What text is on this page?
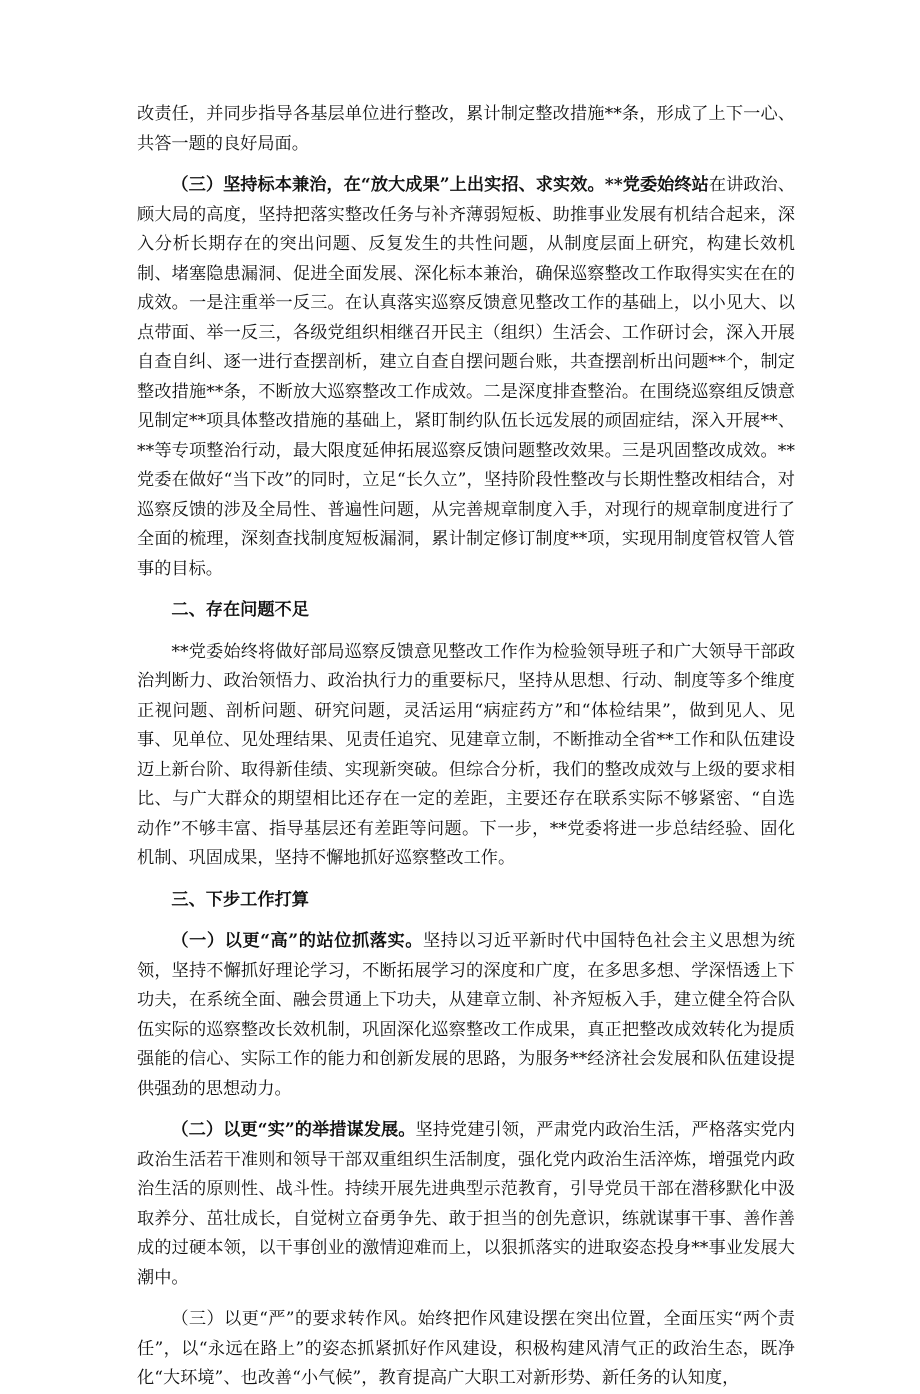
改责任，并同步指导各基层单位进行整改，累计制定整改措施**条，形成了上下一心、共答一题的良好局面。

（三）坚持标本兼治，在“放大成果”上出实招、求实效。**党委始终站在讲政治、顾大局的高度，坚持把落实整改任务与补齐薄弱短板、助推事业发展有机结合起来，深入分析长期存在的突出问题、反复发生的共性问题，从制度层面上研究，构建长效机制、堵塞隐患漏洞、促进全面发展、深化标本兼治，确保巡察整改工作取得实实在在的成效。一是注重举一反三。在认真落实巡察反馈意见整改工作的基础上，以小见大、以点带面、举一反三，各级党组织相继召开民主（组织）生活会、工作研讨会，深入开展自查自纠、逐一进行查摆剖析，建立自查自摆问题台账，共查摆剖析出问题**个，制定整改措施**条，不断放大巡察整改工作成效。二是深度排查整治。在围绕巡察组反馈意见制定**项具体整改措施的基础上，紧盯制约队伍长远发展的顽固症结，深入开展**、**等专项整治行动，最大限度延伸拓展巡察反馈问题整改效果。三是巩固整改成效。**党委在做好“当下改”的同时，立足“长久立”，坚持阶段性整改与长期性整改相结合，对巡察反馈的涉及全局性、普遍性问题，从完善规章制度入手，对现行的规章制度进行了全面的梳理，深刻查找制度短板漏洞，累计制定修订制度**项，实现用制度管权管人管事的目标。

二、存在问题不足

**党委始终将做好部局巡察反馈意见整改工作作为检验领导班子和广大领导干部政治判断力、政治领悟力、政治执行力的重要标尺，坚持从思想、行动、制度等多个维度正视问题、剖析问题、研究问题，灵活运用“病症药方”和“体检结果”，做到见人、见事、见单位、见处理结果、见责任追究、见建章立制，不断推动全省**工作和队伍建设迈上新台阶、取得新佳绩、实现新突破。但综合分析，我们的整改成效与上级的要求相比、与广大群众的期望相比还存在一定的差距，主要还存在联系实际不够紧密、“自选动作”不够丰富、指导基层还有差距等问题。下一步，**党委将进一步总结经验、固化机制、巩固成果，坚持不懈地抓好巡察整改工作。

三、下步工作打算

（一）以更“高”的站位抓落实。坚持以习近平新时代中国特色社会主义思想为统领，坚持不懈抓好理论学习，不断拓展学习的深度和广度，在多思多想、学深悟透上下功夫，在系统全面、融会贯通上下功夫，从建章立制、补齐短板入手，建立健全符合队伍实际的巡察整改长效机制，巩固深化巡察整改工作成果，真正把整改成效转化为提质强能的信心、实际工作的能力和创新发展的思路，为服务**经济社会发展和队伍建设提供强劲的思想动力。

（二）以更“实”的举措谋发展。坚持党建引领，严肃党内政治生活，严格落实党内政治生活若干准则和领导干部双重组织生活制度，强化党内政治生活淬炼，增强党内政治生活的原则性、战斗性。持续开展先进典型示范教育，引导党员干部在潜移默化中汲取养分、茁壮成长，自觉树立奋勇争先、敢于担当的创先意识，练就谋事干事、善作善成的过硬本领，以干事创业的激情迎难而上，以狠抓落实的进取姿态投身**事业发展大潮中。

（三）以更“严”的要求转作风。始终把作风建设摆在突出位置，全面压实“两个责任”，以“永远在路上”的姿态抓紧抓好作风建设，积极构建风清气正的政治生态，既净化“大环境”、也改善“小气候”，教育提高广大职工对新形势、新任务的认知度，
